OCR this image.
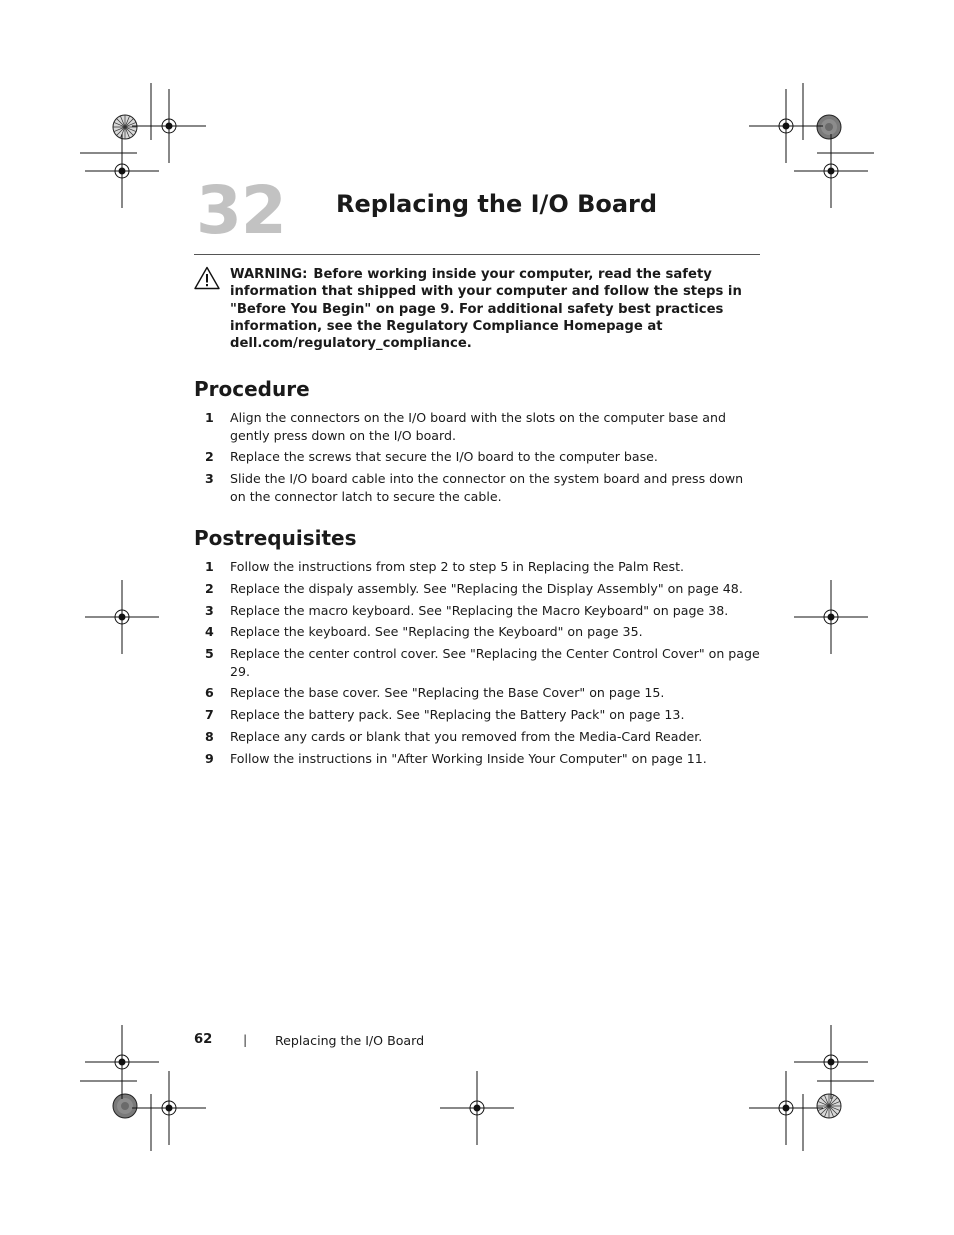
32 Replacing the I/O Board

WARNING: Before working inside your computer, read the safety information that shipped with your computer and follow the steps in "Before You Begin" on page 9. For additional safety best practices information, see the Regulatory Compliance Homepage at dell.com/regulatory_compliance.

Procedure
1 Align the connectors on the I/O board with the slots on the computer base and gently press down on the I/O board.
2 Replace the screws that secure the I/O board to the computer base.
3 Slide the I/O board cable into the connector on the system board and press down on the connector latch to secure the cable.
Postrequisites
1 Follow the instructions from step 2 to step 5 in Replacing the Palm Rest.
2 Replace the dispaly assembly. See "Replacing the Display Assembly" on page 48.
3 Replace the macro keyboard. See "Replacing the Macro Keyboard" on page 38.
4 Replace the keyboard. See "Replacing the Keyboard" on page 35.
5 Replace the center control cover. See "Replacing the Center Control Cover" on page 29.
6 Replace the base cover. See "Replacing the Base Cover" on page 15.
7 Replace the battery pack. See "Replacing the Battery Pack" on page 13.
8 Replace any cards or blank that you removed from the Media-Card Reader.
9 Follow the instructions in "After Working Inside Your Computer" on page 11.
62 | Replacing the I/O Board
